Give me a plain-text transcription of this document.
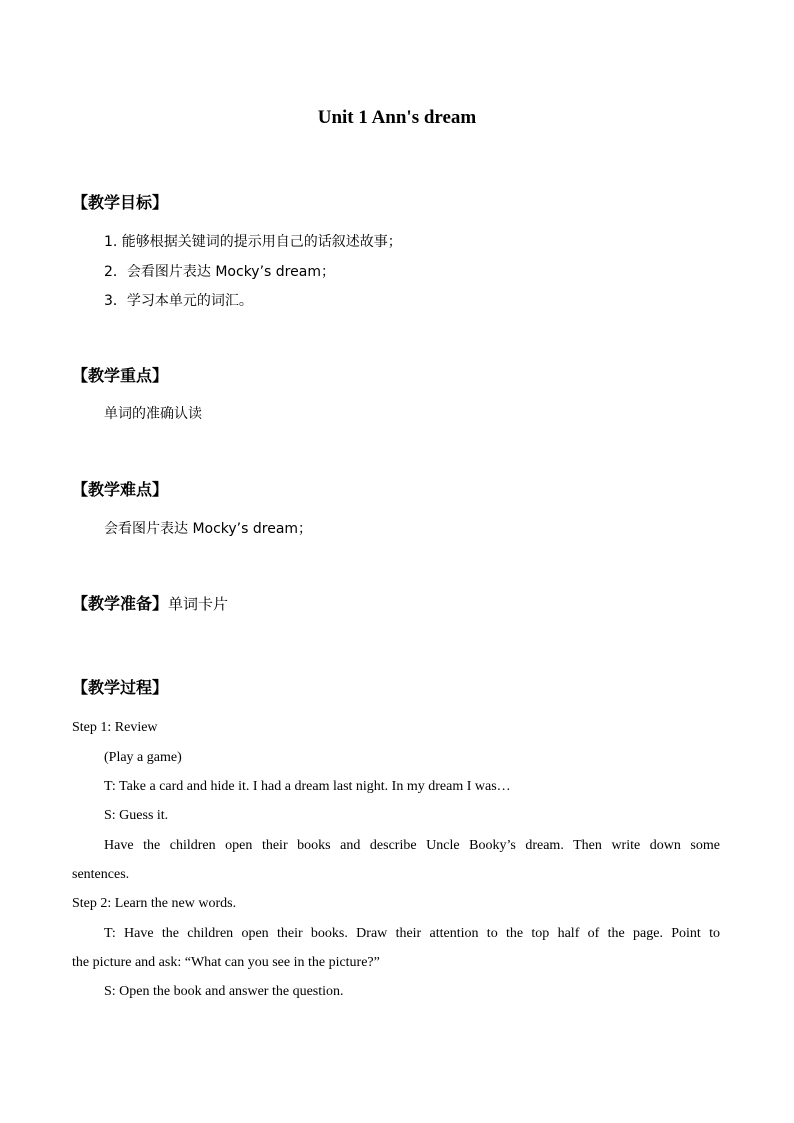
Unit 1 Ann's dream
【教学目标】
1. 能够根据关键词的提示用自己的话叙述故事；
2．会看图片表达 Mocky’s dream；
3．学习本单元的词汇。
【教学重点】
单词的准确认读
【教学难点】
会看图片表达 Mocky’s dream；
【教学准备】单词卡片
【教学过程】
Step 1: Review
(Play a game)
T: Take a card and hide it. I had a dream last night. In my dream I was…
S: Guess it.
Have the children open their books and describe Uncle Booky’s dream. Then write down some
sentences.
Step 2: Learn the new words.
T: Have the children open their books. Draw their attention to the top half of the page. Point to
the picture and ask: “What can you see in the picture?”
S: Open the book and answer the question.
